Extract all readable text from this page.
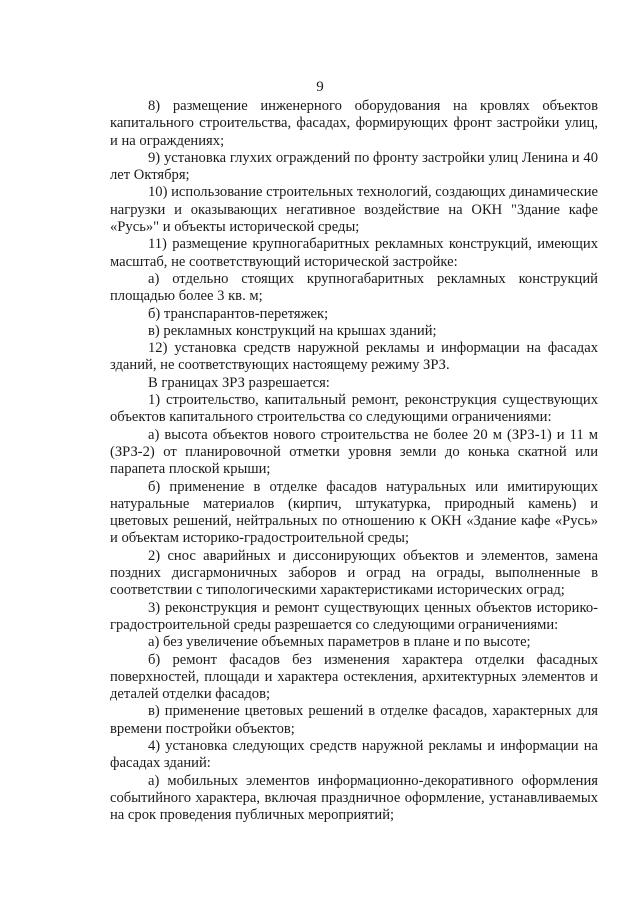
9

8) размещение инженерного оборудования на кровлях объектов капитального строительства, фасадах, формирующих фронт застройки улиц, и на ограждениях;

9) установка глухих ограждений по фронту застройки улиц Ленина и 40 лет Октября;

10) использование строительных технологий, создающих динамические нагрузки и оказывающих негативное воздействие на ОКН "Здание кафе «Русь»" и объекты исторической среды;

11) размещение крупногабаритных рекламных конструкций, имеющих масштаб, не соответствующий исторической застройке:

а) отдельно стоящих крупногабаритных рекламных конструкций площадью более 3 кв. м;

б) транспарантов-перетяжек;

в) рекламных конструкций на крышах зданий;

12) установка средств наружной рекламы и информации на фасадах зданий, не соответствующих настоящему режиму ЗРЗ.

В границах ЗРЗ разрешается:

1) строительство, капитальный ремонт, реконструкция существующих объектов капитального строительства со следующими ограничениями:

а) высота объектов нового строительства не более 20 м (ЗРЗ-1) и 11 м (ЗРЗ-2) от планировочной отметки уровня земли до конька скатной или парапета плоской крыши;

б) применение в отделке фасадов натуральных или имитирующих натуральные материалов (кирпич, штукатурка, природный камень) и цветовых решений, нейтральных по отношению к ОКН «Здание кафе «Русь» и объектам историко-градостроительной среды;

2) снос аварийных и диссонирующих объектов и элементов, замена поздних дисгармоничных заборов и оград на ограды, выполненные в соответствии с типологическими характеристиками исторических оград;

3) реконструкция и ремонт существующих ценных объектов историко-градостроительной среды разрешается со следующими ограничениями:

а) без увеличение объемных параметров в плане и по высоте;

б) ремонт фасадов без изменения характера отделки фасадных поверхностей, площади и характера остекления, архитектурных элементов и деталей отделки фасадов;

в) применение цветовых решений в отделке фасадов, характерных для времени постройки объектов;

4) установка следующих средств наружной рекламы и информации на фасадах зданий:

а) мобильных элементов информационно-декоративного оформления событийного характера, включая праздничное оформление, устанавливаемых на срок проведения публичных мероприятий;
